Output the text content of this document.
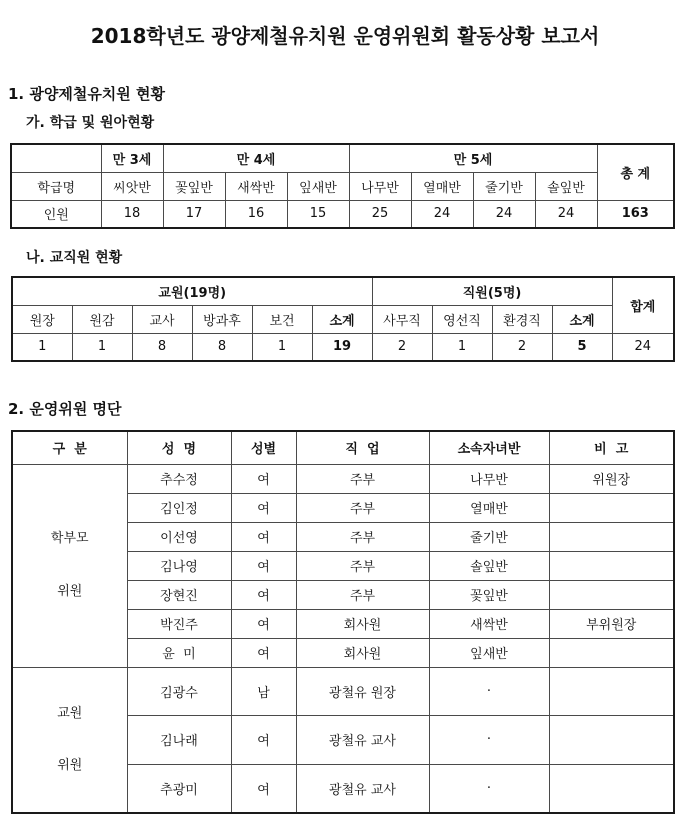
2018학년도 광양제철유치원 운영위원회 활동상황 보고서
1. 광양제철유치원 현황
가. 학급 및 원아현황
	만 3세	만 4세			만 5세				총 계
학급명	씨앗반	꽃잎반	새싹반	잎새반	나무반	열매반	줄기반	솔잎반	
인원	18	17	16	15	25	24	24	24	163
나. 교직원 현황
교원(19명)						직원(5명)				합계
원장	원감	교사	방과후	보건	소계	사무직	영선직	환경직	소계	
1	1	8	8	1	19	2	1	2	5	24
2. 운영위원 명단
구  분	성  명	성별	직  업	소속자녀반	비  고

학부모

위원	추수정	여	주부	나무반	위원장
	김인정	여	주부	열매반	
	이선영	여	주부	줄기반	
	김나영	여	주부	솔잎반	
	장현진	여	주부	꽃잎반	
	박진주	여	회사원	새싹반	부위원장
	윤  미	여	회사원	잎새반	

교원

위원	김광수	남	광철유 원장	·	
	김나래	여	광철유 교사	·	
	추광미	여	광철유 교사	·	
